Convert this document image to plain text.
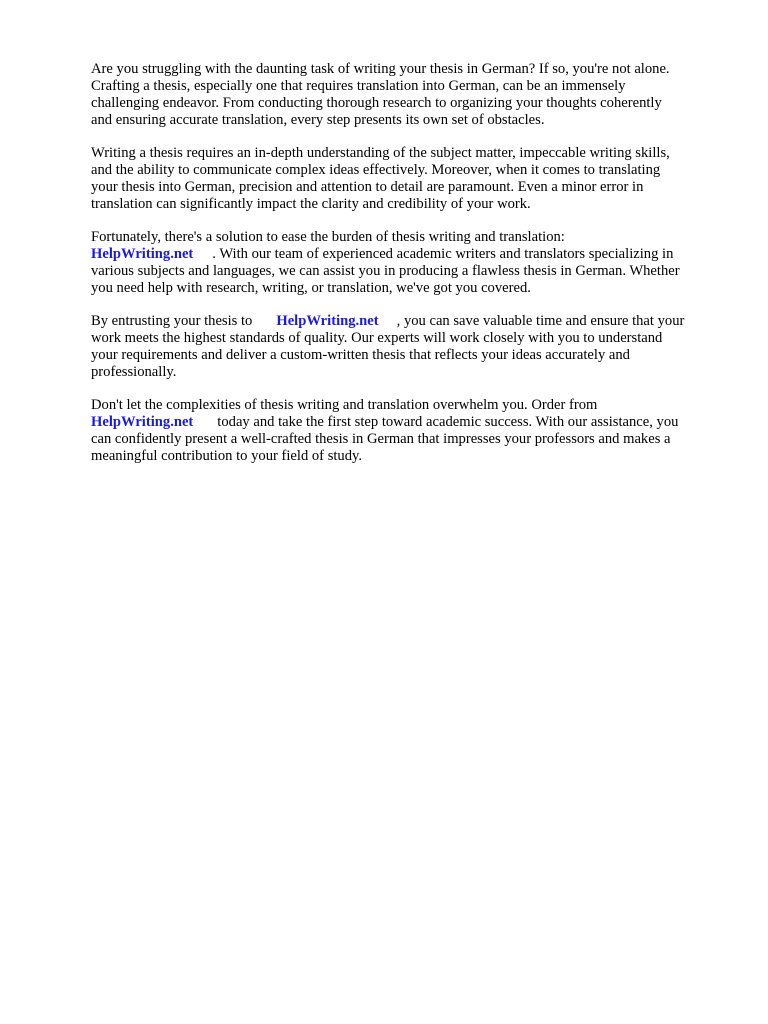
Are you struggling with the daunting task of writing your thesis in German? If so, you're not alone.
Crafting a thesis, especially one that requires translation into German, can be an immensely
challenging endeavor. From conducting thorough research to organizing your thoughts coherently
and ensuring accurate translation, every step presents its own set of obstacles.

Writing a thesis requires an in-depth understanding of the subject matter, impeccable writing skills,
and the ability to communicate complex ideas effectively. Moreover, when it comes to translating
your thesis into German, precision and attention to detail are paramount. Even a minor error in
translation can significantly impact the clarity and credibility of your work.

Fortunately, there's a solution to ease the burden of thesis writing and translation:
HelpWriting.net . With our team of experienced academic writers and translators specializing in
various subjects and languages, we can assist you in producing a flawless thesis in German. Whether
you need help with research, writing, or translation, we've got you covered.

By entrusting your thesis to HelpWriting.net , you can save valuable time and ensure that your
work meets the highest standards of quality. Our experts will work closely with you to understand
your requirements and deliver a custom-written thesis that reflects your ideas accurately and
professionally.

Don't let the complexities of thesis writing and translation overwhelm you. Order from
HelpWriting.net today and take the first step toward academic success. With our assistance, you
can confidently present a well-crafted thesis in German that impresses your professors and makes a
meaningful contribution to your field of study.
